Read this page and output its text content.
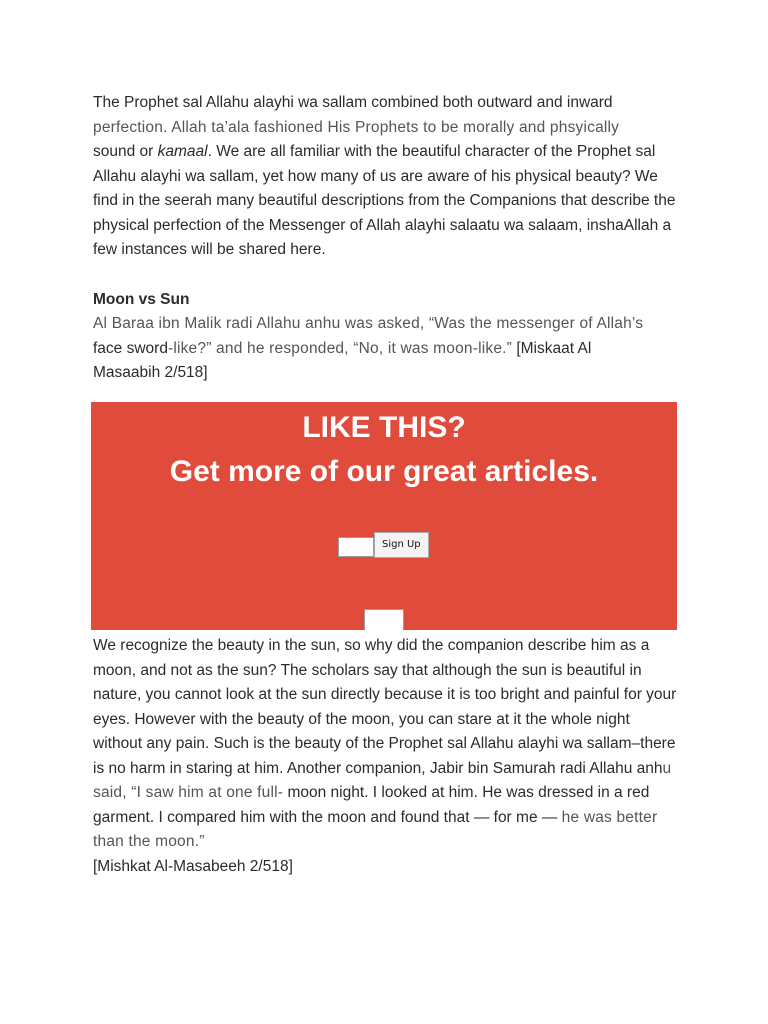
The Prophet sal Allahu alayhi wa sallam combined both outward and inward
perfection. Allah ta’ala fashioned His Prophets to be morally and phsyically
sound or kamaal. We are all familiar with the beautiful character of the Prophet sal Allahu alayhi wa sallam, yet how many of us are aware of his physical beauty? We find in the seerah many beautiful descriptions from the Companions that describe the physical perfection of the Messenger of Allah alayhi salaatu wa salaam, inshaAllah a few instances will be shared here.

Moon vs Sun

Al Baraa ibn Malik radi Allahu anhu was asked, “Was the messenger of Allah’s
face sword-like?” and he responded, “No, it was moon-like.” [Miskaat Al
Masaabih 2/518]

LIKE THIS?
Get more of our great articles.
Sign Up

We recognize the beauty in the sun, so why did the companion describe him as a moon, and not as the sun? The scholars say that although the sun is beautiful in nature, you cannot look at the sun directly because it is too bright and painful for your eyes. However with the beauty of the moon, you can stare at it the whole night without any pain. Such is the beauty of the Prophet sal Allahu alayhi wa sallam–there is no harm in staring at him. Another companion, Jabir bin Samurah radi Allahu anhu said, “I saw him at one full- moon night. I looked at him. He was dressed in a red garment. I compared him with the moon and found that — for me — he was better than the moon.”
[Mishkat Al-Masabeeh 2/518]
